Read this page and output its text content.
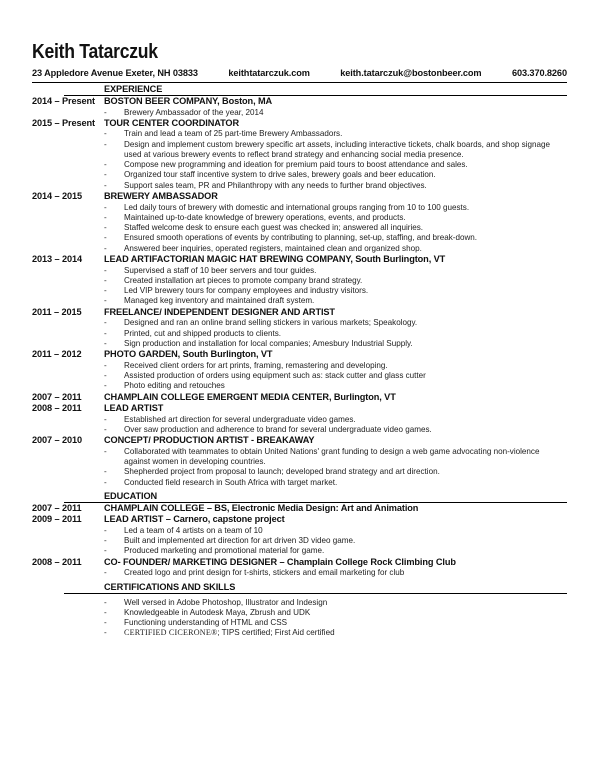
Keith Tatarczuk
23 Appledore Avenue Exeter, NH 03833	keithtatarczuk.com	keith.tatarczuk@bostonbeer.com	603.370.8260
EXPERIENCE
2014 – Present BOSTON BEER COMPANY, Boston, MA
- Brewery Ambassador of the year, 2014
2015 – Present TOUR CENTER COORDINATOR
- Train and lead a team of 25 part-time Brewery Ambassadors.
- Design and implement custom brewery specific art assets, including interactive tickets, chalk boards, and shop signage used at various brewery events to reflect brand strategy and enhancing social media presence.
- Compose new programming and ideation for premium paid tours to boost attendance and sales.
- Organized tour staff incentive system to drive sales, brewery goals and beer education.
- Support sales team, PR and Philanthropy with any needs to further brand objectives.
2014 – 2015	BREWERY AMBASSADOR
- Led daily tours of brewery with domestic and international groups ranging from 10 to 100 guests.
- Maintained up-to-date knowledge of brewery operations, events, and products.
- Staffed welcome desk to ensure each guest was checked in; answered all inquiries.
- Ensured smooth operations of events by contributing to planning, set-up, staffing, and break-down.
- Answered beer inquiries, operated registers, maintained clean and organized shop.
2013 – 2014	LEAD ARTIFACTORIAN MAGIC HAT BREWING COMPANY, South Burlington, VT
- Supervised a staff of 10 beer servers and tour guides.
- Created installation art pieces to promote company brand strategy.
- Led VIP brewery tours for company employees and industry visitors.
- Managed keg inventory and maintained draft system.
2011 – 2015	FREELANCE/ INDEPENDENT DESIGNER AND ARTIST
- Designed and ran an online brand selling stickers in various markets; Speakology.
- Printed, cut and shipped products to clients.
- Sign production and installation for local companies; Amesbury Industrial Supply.
2011 – 2012	PHOTO GARDEN, South Burlington, VT
- Received client orders for art prints, framing, remastering and developing.
- Assisted production of orders using equipment such as: stack cutter and glass cutter
- Photo editing and retouches
2007 – 2011	CHAMPLAIN COLLEGE EMERGENT MEDIA CENTER, Burlington, VT
2008 – 2011	LEAD ARTIST
- Established art direction for several undergraduate video games.
- Over saw production and adherence to brand for several undergraduate video games.
2007 – 2010	CONCEPT/ PRODUCTION ARTIST - BREAKAWAY
- Collaborated with teammates to obtain United Nations' grant funding to design a web game advocating non-violence against women in developing countries.
- Shepherded project from proposal to launch; developed brand strategy and art direction.
- Conducted field research in South Africa with target market.
EDUCATION
2007 – 2011	CHAMPLAIN COLLEGE – BS, Electronic Media Design: Art and Animation
2009 – 2011	LEAD ARTIST – Carnero, capstone project
- Led a team of 4 artists on a team of 10
- Built and implemented art direction for art driven 3D video game.
- Produced marketing and promotional material for game.
2008 – 2011	CO- FOUNDER/ MARKETING DESIGNER – Champlain College Rock Climbing Club
- Created logo and print design for t-shirts, stickers and email marketing for club
CERTIFICATIONS AND SKILLS
- Well versed in Adobe Photoshop, Illustrator and Indesign
- Knowledgeable in Autodesk Maya, Zbrush and UDK
- Functioning understanding of HTML and CSS
- CERTIFIED CICERONE®; TIPS certified; First Aid certified
